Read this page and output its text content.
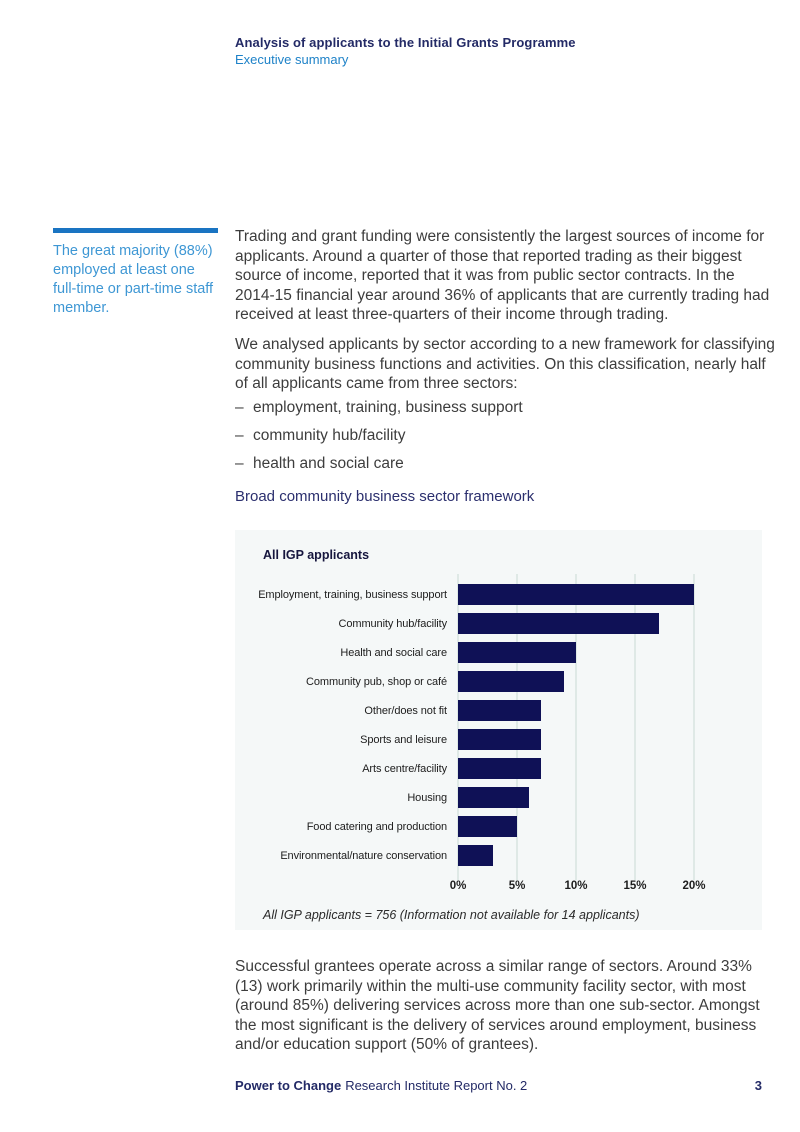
Analysis of applicants to the Initial Grants Programme
Executive summary
The great majority (88%) employed at least one full-time or part-time staff member.
Trading and grant funding were consistently the largest sources of income for applicants. Around a quarter of those that reported trading as their biggest source of income, reported that it was from public sector contracts. In the 2014-15 financial year around 36% of applicants that are currently trading had received at least three-quarters of their income through trading.
We analysed applicants by sector according to a new framework for classifying community business functions and activities. On this classification, nearly half of all applicants came from three sectors:
– employment, training, business support
– community hub/facility
– health and social care
Broad community business sector framework
All IGP applicants
Employment, training, business support
Community hub/facility
Health and social care
Community pub, shop or café
Other/does not fit
Sports and leisure
Arts centre/facility
Housing
Food catering and production
Environmental/nature conservation
0%	5%	10%	15%	20%
All IGP applicants = 756 (Information not available for 14 applicants)
Successful grantees operate across a similar range of sectors. Around 33% (13) work primarily within the multi-use community facility sector, with most (around 85%) delivering services across more than one sub-sector. Amongst the most significant is the delivery of services around employment, business and/or education support (50% of grantees).
Power to Change Research Institute Report No. 2	3
